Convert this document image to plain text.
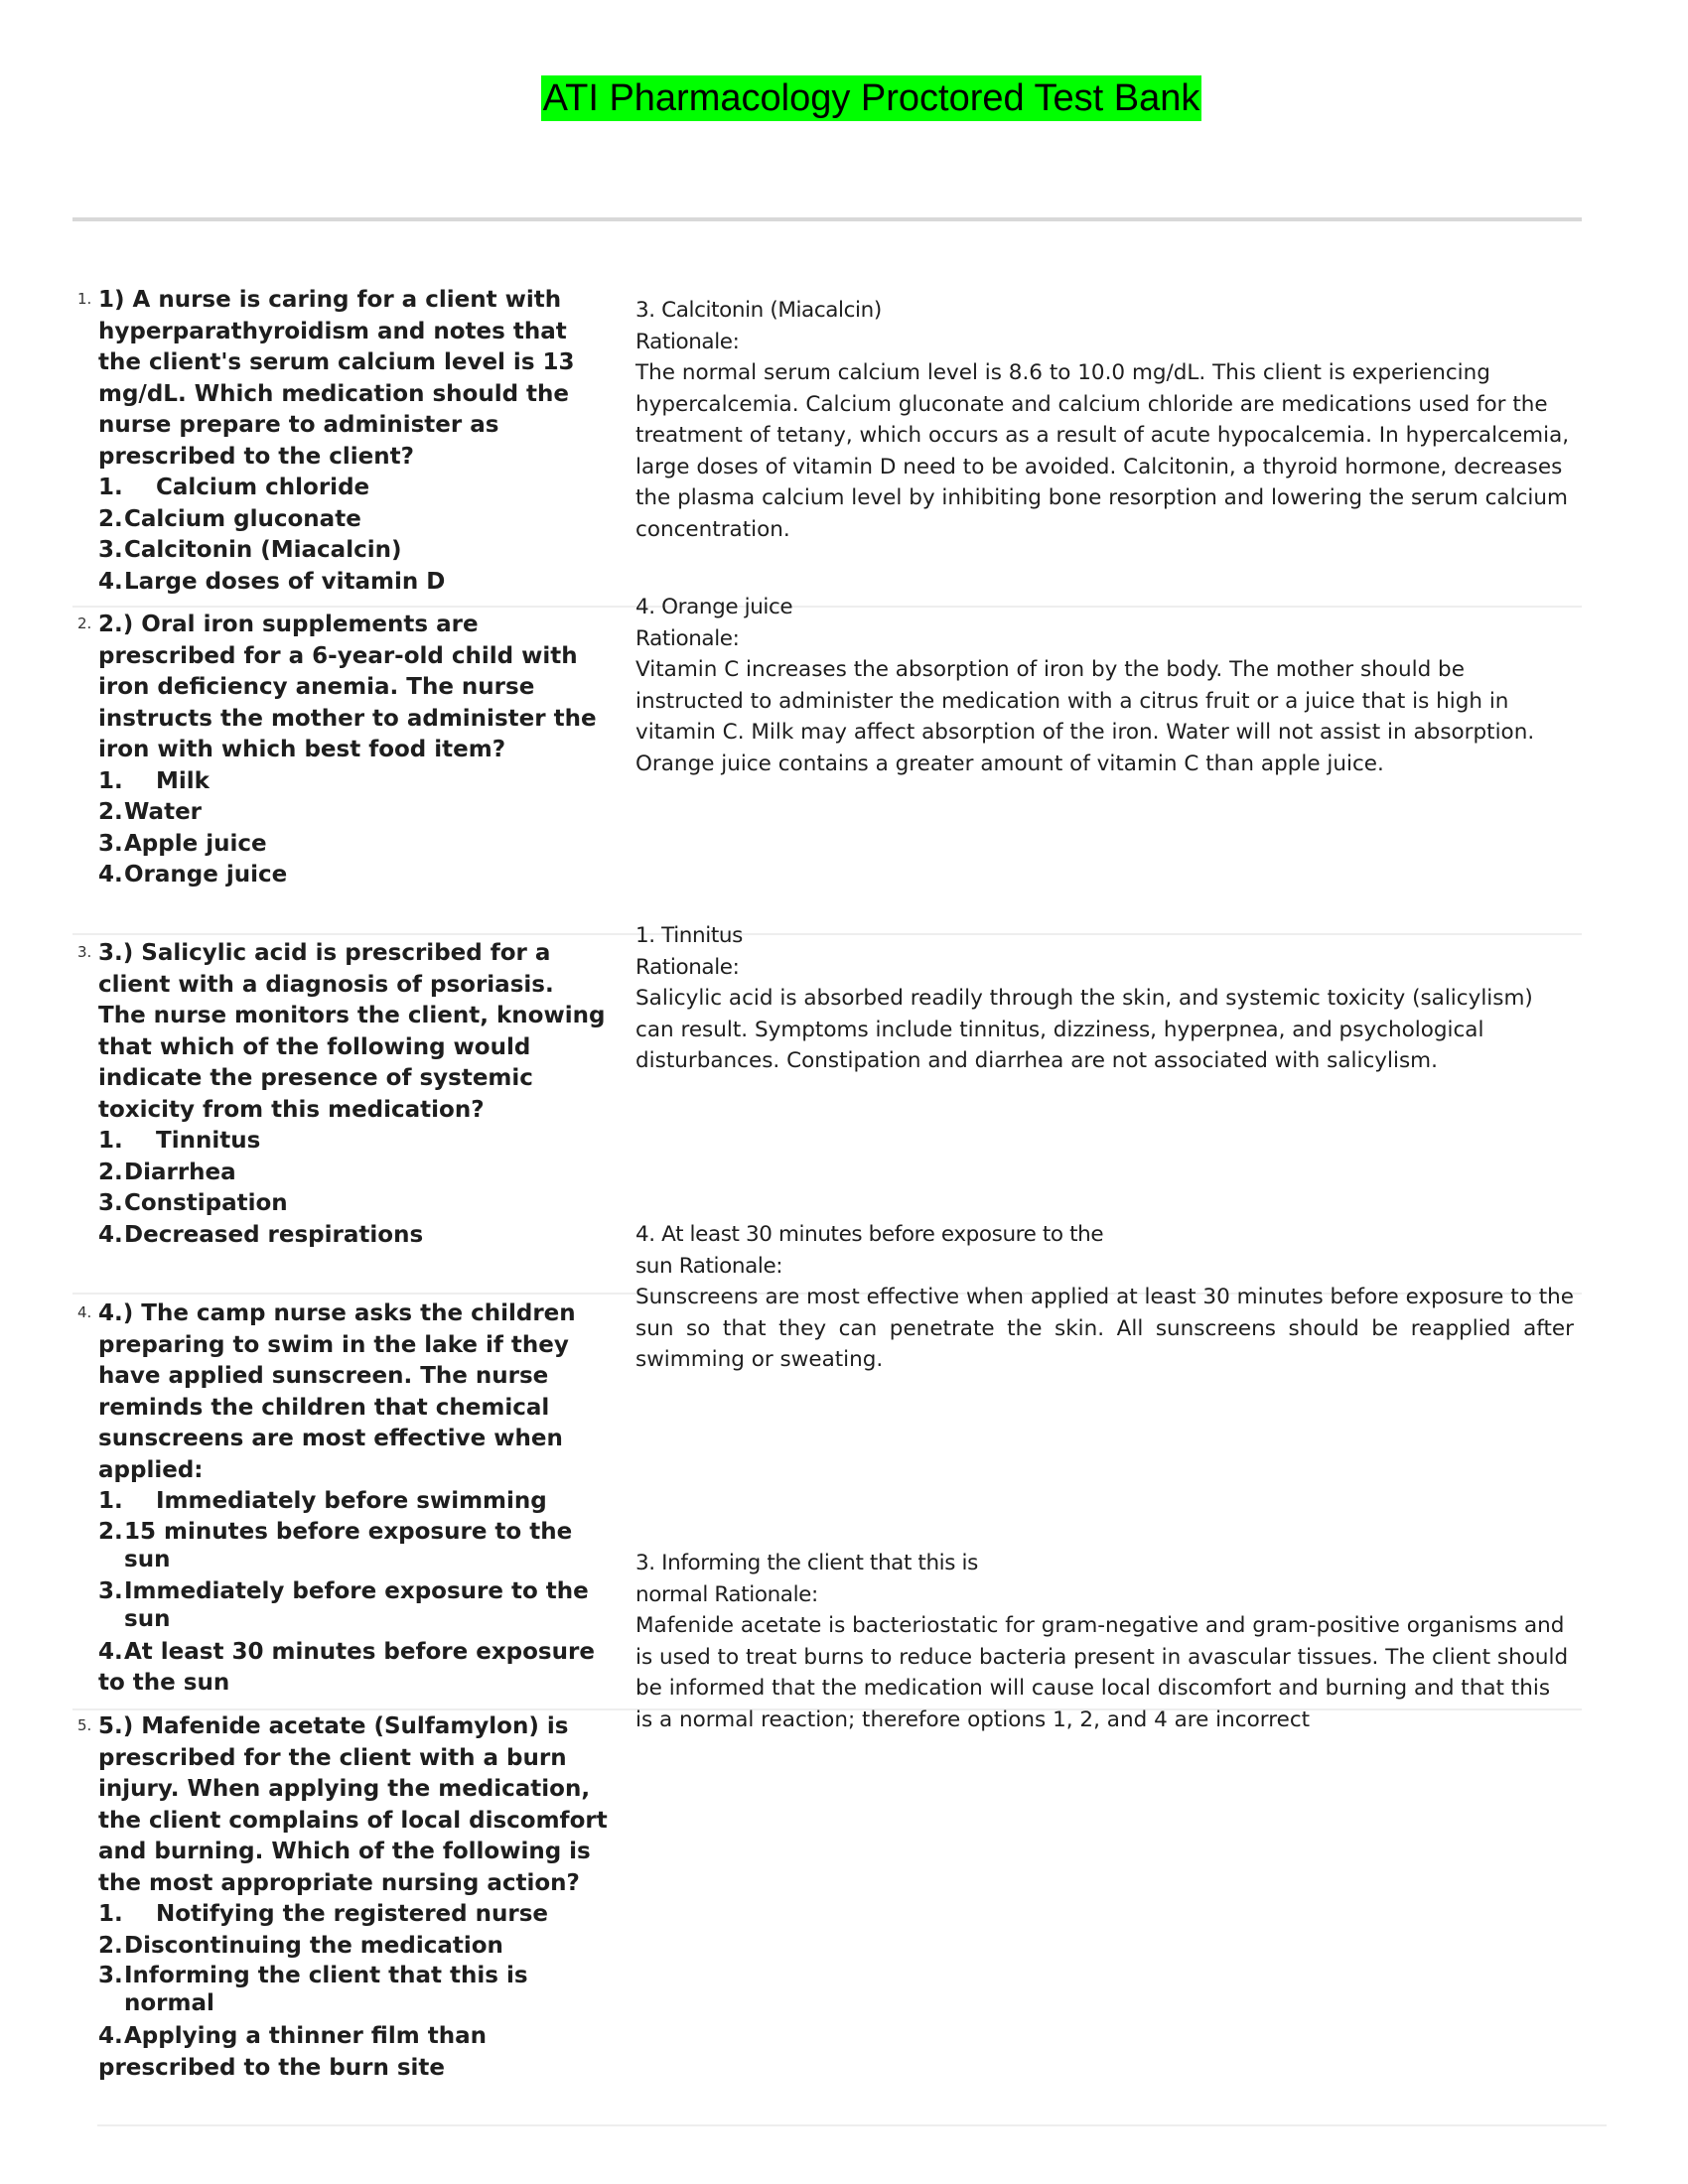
ATI Pharmacology Proctored Test Bank
1. 1) A nurse is caring for a client with hyperparathyroidism and notes that the client's serum calcium level is 13 mg/dL. Which medication should the nurse prepare to administer as prescribed to the client?
1.	Calcium chloride
2. Calcium gluconate
3. Calcitonin (Miacalcin)
4. Large doses of vitamin D
3. Calcitonin (Miacalcin)
Rationale:
The normal serum calcium level is 8.6 to 10.0 mg/dL. This client is experiencing hypercalcemia. Calcium gluconate and calcium chloride are medications used for the treatment of tetany, which occurs as a result of acute hypocalcemia. In hypercalcemia, large doses of vitamin D need to be avoided. Calcitonin, a thyroid hormone, decreases the plasma calcium level by inhibiting bone resorption and lowering the serum calcium concentration.
2. 2.) Oral iron supplements are prescribed for a 6-year-old child with iron deficiency anemia. The nurse instructs the mother to administer the iron with which best food item?
1.	Milk
2. Water
3. Apple juice
4. Orange juice
4. Orange juice
Rationale:
Vitamin C increases the absorption of iron by the body. The mother should be instructed to administer the medication with a citrus fruit or a juice that is high in vitamin C. Milk may affect absorption of the iron. Water will not assist in absorption. Orange juice contains a greater amount of vitamin C than apple juice.
3. 3.) Salicylic acid is prescribed for a client with a diagnosis of psoriasis. The nurse monitors the client, knowing that which of the following would indicate the presence of systemic toxicity from this medication?
1.	Tinnitus
2. Diarrhea
3. Constipation
4. Decreased respirations
1. Tinnitus
Rationale:
Salicylic acid is absorbed readily through the skin, and systemic toxicity (salicylism) can result. Symptoms include tinnitus, dizziness, hyperpnea, and psychological disturbances. Constipation and diarrhea are not associated with salicylism.
4. 4.) The camp nurse asks the children preparing to swim in the lake if they have applied sunscreen. The nurse reminds the children that chemical sunscreens are most effective when applied:
1.	Immediately before swimming
2. 15 minutes before exposure to the sun
3. Immediately before exposure to the sun
4.At least 30 minutes before exposure to the sun
4. At least 30 minutes before exposure to the
sun Rationale:
Sunscreens are most effective when applied at least 30 minutes before exposure to the sun so that they can penetrate the skin. All sunscreens should be reapplied after swimming or sweating.
5. 5.) Mafenide acetate (Sulfamylon) is prescribed for the client with a burn injury. When applying the medication, the client complains of local discomfort and burning. Which of the following is the most appropriate nursing action?
1.	Notifying the registered nurse
2. Discontinuing the medication
3. Informing the client that this is normal
4.Applying a thinner film than prescribed to the burn site
3. Informing the client that this is
normal Rationale:
Mafenide acetate is bacteriostatic for gram-negative and gram-positive organisms and is used to treat burns to reduce bacteria present in avascular tissues. The client should be informed that the medication will cause local discomfort and burning and that this is a normal reaction; therefore options 1, 2, and 4 are incorrect
